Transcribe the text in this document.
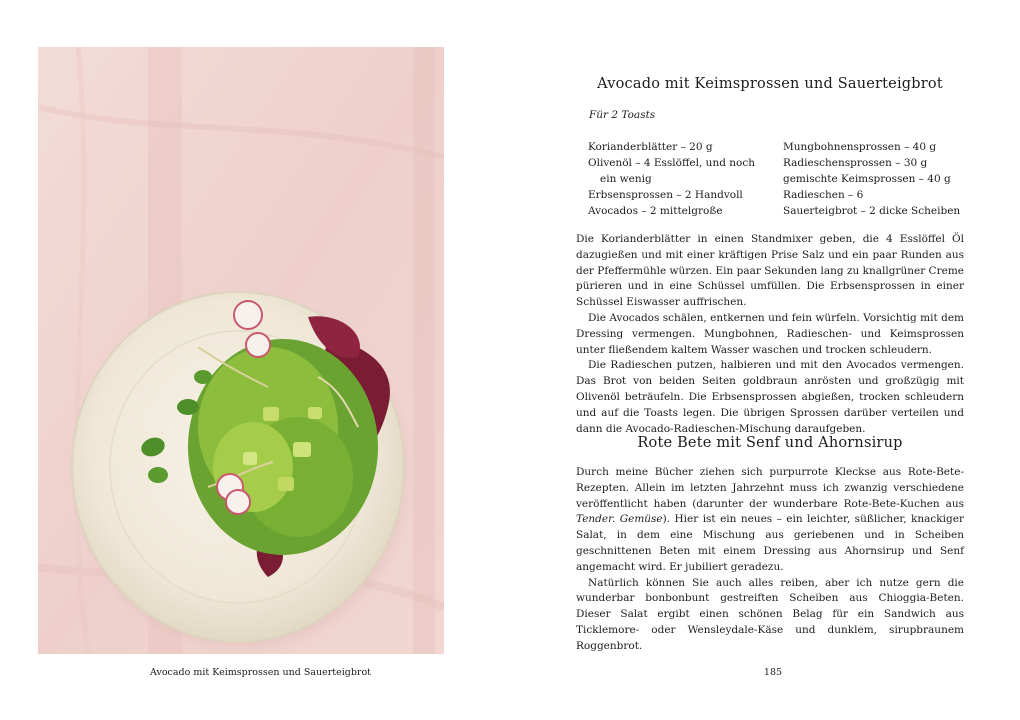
Avocado mit Keimsprossen und Sauerteigbrot
Avocado mit Keimsprossen und Sauerteigbrot
Für 2 Toasts
Korianderblätter – 20 g
Olivenöl – 4 Esslöffel, und noch
ein wenig
Erbsensprossen – 2 Handvoll
Avocados – 2 mittelgroße
Mungbohnensprossen – 40 g
Radieschensprossen – 30 g
gemischte Keimsprossen – 40 g
Radieschen – 6
Sauerteigbrot – 2 dicke Scheiben

Die Korianderblätter in einen Standmixer geben, die 4 Esslöffel Öl dazugießen und mit einer kräftigen Prise Salz und ein paar Runden aus der Pfeffermühle würzen. Ein paar Sekunden lang zu knallgrüner Creme pürieren und in eine Schüssel umfüllen. Die Erbsensprossen in einer Schüssel Eiswasser auffrischen.

Die Avocados schälen, entkernen und fein würfeln. Vorsichtig mit dem Dressing vermengen. Mungbohnen, Radieschen- und Keimsprossen unter fließendem kaltem Wasser waschen und trocken schleudern.

Die Radieschen putzen, halbieren und mit den Avocados vermengen. Das Brot von beiden Seiten goldbraun anrösten und großzügig mit Olivenöl beträufeln. Die Erbsensprossen abgießen, trocken schleudern und auf die Toasts legen. Die übrigen Sprossen darüber verteilen und dann die Avocado-Radieschen-Mischung daraufgeben.

Rote Bete mit Senf und Ahornsirup

Durch meine Bücher ziehen sich purpurrote Kleckse aus Rote-Bete-Rezepten. Allein im letzten Jahrzehnt muss ich zwanzig verschiedene veröffentlicht haben (darunter der wunderbare Rote-Bete-Kuchen aus Tender. Gemüse). Hier ist ein neues – ein leichter, süßlicher, knackiger Salat, in dem eine Mischung aus geriebenen und in Scheiben geschnittenen Beten mit einem Dressing aus Ahornsirup und Senf angemacht wird. Er jubiliert geradezu.

Natürlich können Sie auch alles reiben, aber ich nutze gern die wunderbar bonbonbunt gestreiften Scheiben aus Chioggia-Beten. Dieser Salat ergibt einen schönen Belag für ein Sandwich aus Ticklemore- oder Wensleydale-Käse und dunklem, sirupbraunem Roggenbrot.

185
